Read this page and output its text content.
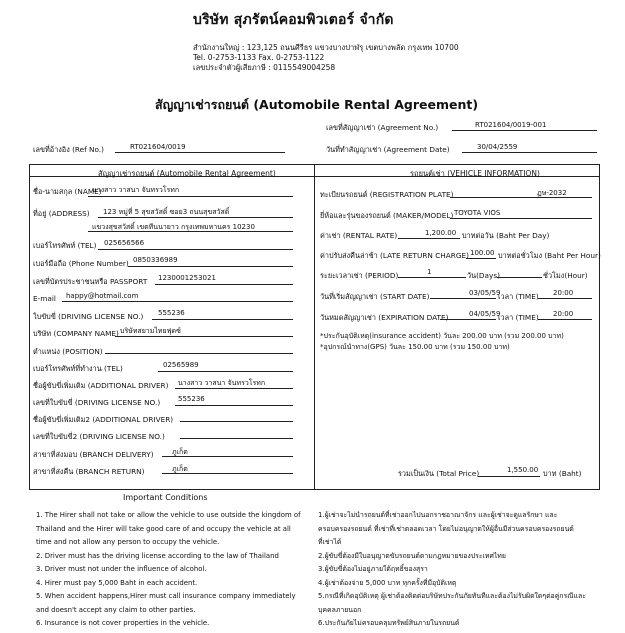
บริษัท สุภรัตน์คอมพิวเตอร์ จำกัด
สำนักงานใหญ่ : 123,125 ถนนศีรีธร แขวงบางปาฬรุ เขตบางพลัด กรุงเทพ 10700
Tel. 0-2753-1133 Fax. 0-2753-1122
เลขประจำตัวผู้เสียภาษี : 0115549004258
สัญญาเช่ารถยนต์ (Automobile Rental Agreement)
เลขที่สัญญาเช่า (Agreement No.)	RT021604/0019-001
วันที่ทำสัญญาเช่า (Agreement Date)	30/04/2559
เลขที่อ้างอิง (Ref No.)	RT021604/0019
สัญญาเช่ารถยนต์ (Automobile Rental Agreement)	รถยนต์เช่า (VEHICLE INFORMATION)
ชื่อ-นามสกุล (NAME)
นางสาว วาสนา จันทรวโรทก
ที่อยู่ (ADDRESS) 123 หมู่ที่ 5 สุขสวัสดิ์ ซอย3 ถนนสุขสวัสดิ์
แขวงสุขสวัสดิ์ เขตทีนนายาว กรุงเทพมหานคร 10230
เบอร์โทรศัพท์ (TEL) 025656566
เบอร์มือถือ (Phone Number) 0850336989
เลขที่บัตรประชาชนหรือ PASSPORT 1230001253021
E-mail happy@hotmail.com
ใบขับขี่ (DRIVING LICENSE NO.) 555236
บริษัท (COMPANY NAME) บริษัทสยามไทยฟุดซ์
ตำแหน่ง (POSITION)
เบอร์โทรศัพท์ที่ทำงาน (TEL)	02565989
ชื่อผู้ขับขี่เพิ่มเติม (ADDITIONAL DRIVER) นางสาว วาสนา จันทรวโรทก
เลขที่ใบขับขี่ (DRIVING LICENSE NO.)	555236
ชื่อผู้ขับขี่เพิ่มเติม2 (ADDITIONAL DRIVER)
เลขที่ใบขับขี่2 (DRIVING LICENSE NO.)
สาขาที่ส่งมอบ (BRANCH DELIVERY)	ภูเก็ต
สาขาที่ส่งคืน (BRANCH RETURN)	ภูเก็ต
ทะเบียนรถยนต์ (REGISTRATION PLATE)	ฏษ-2032
ยี่ห้อและรุ่นของรถยนต์ (MAKER/MODEL) TOYOTA VIOS
ค่าเช่า (RENTAL RATE)	1,200.00 บาทต่อวัน (Baht Per Day)
ค่าปรับส่งคืนล่าช้า (LATE RETURN CHARGE) 100.00 บาทต่อชั่วโมง (Baht Per Hour)
ระยะเวลาเช่า (PERIOD)	1	วัน(Days)	ชั่วโมง(Hour)
วันที่เริ่มสัญญาเช่า (START DATE)	03/05/59
เวลา (TIME) 20:00
วันหมดสัญญาเช่า (EXPIRATION DATE)	04/05/59
เวลา (TIME) 20:00
*ประกันอุบัติเหตุ(insurance accident) วันละ 200.00 บาท (รวม 200.00 บาท)
*อุปกรณ์นำทาง(GPS) วันละ 150.00 บาท (รวม 150.00 บาท)
รวมเป็นเงิน (Total Price)	1,550.00 บาท (Baht)
Important Conditions
1. The Hirer shall not take or allow the vehicle to use outside the kingdom of
Thailand and the Hirer will take good care of and occupy the vehicle at all
time and not allow any person to occupy the vehicle.
2. Driver must has the driving license according to the law of Thailand
3. Driver must not under the influence of alcohol.
4. Hirer must pay 5,000 Baht in each accident.
5. When accident happens,Hirer must call insurance company immediately
and doesn't accept any claim to other parties.
6. Insurance is not cover properties in the vehicle.
1.ผู้เช่าจะไม่นำรถยนต์ที่เช่าออกไปนอกราชอาณาจักร และผู้เช่าจะดูแลรักษา และ
ครอบครองรถยนต์ ที่เช่าที่เช่าตลอดเวลา โดยไม่อนุญาตให้ผู้อื่นมีส่วนครอบครองรถยนต์
ที่เช่าได้
2.ผู้ขับขี่ต้องมีใบอนุญาตขับรถยนต์ตามกฎหมายของประเทศไทย
3.ผู้ขับขี่ต้องไม่อยู่ภายใต้ฤทธิ์ของสุรา
4.ผู้เช่าต้องจ่าย 5,000 บาท ทุกครั้งที่มีอุบัติเหตุ
5.กรณีที่เกิดอุบัติเหตุ ผู้เช่าต้องติดต่อบริษัทประกันภัยทันทีและต้องไม่รับผิดใดๆต่อคู่กรณีและ
บุคคลภายนอก
6.ประกันภัยไม่ครอบคลุมทรัพย์สินภายในรถยนต์
